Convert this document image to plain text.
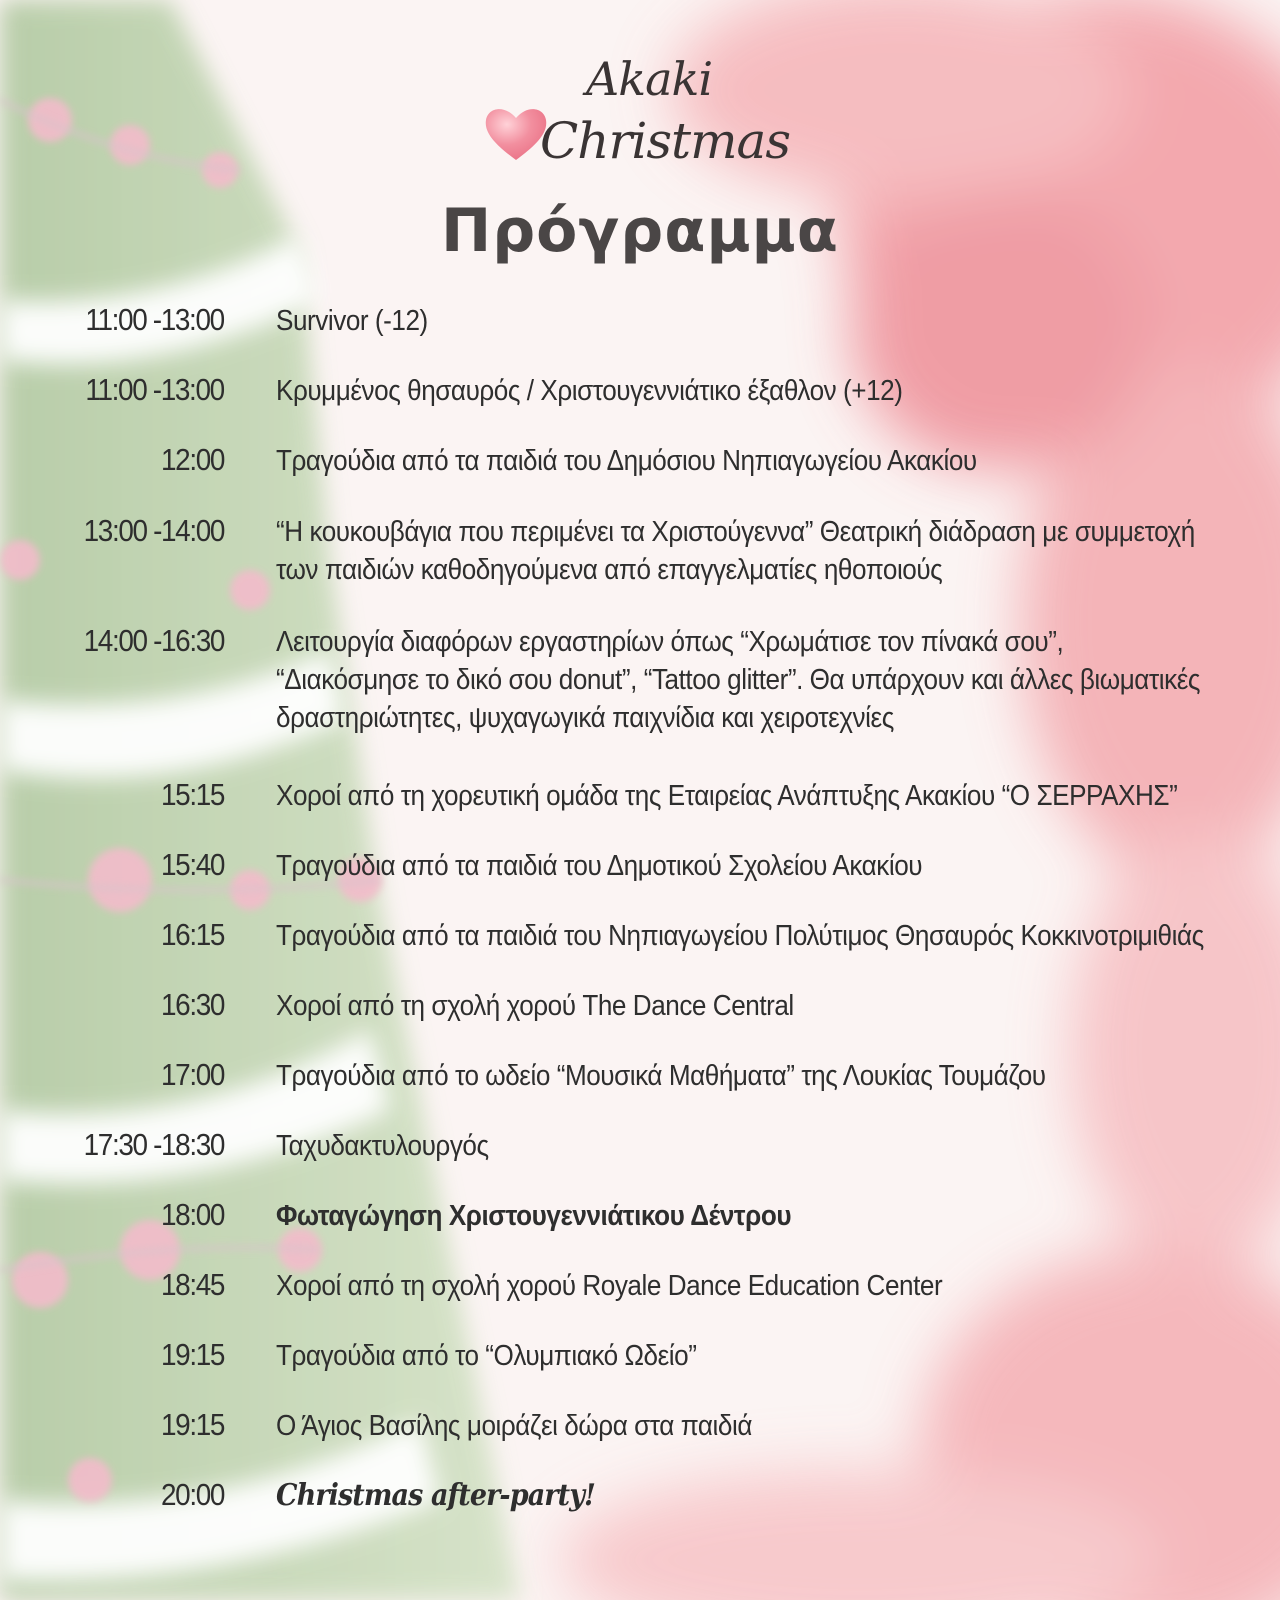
Akaki
Christmas
Πρόγραμμα
11:00 -13:00 Survivor (-12)
11:00 -13:00 Κρυμμένος θησαυρός / Χριστουγεννιάτικο έξαθλον (+12)
12:00 Τραγούδια από τα παιδιά του Δημόσιου Νηπιαγωγείου Ακακίου
13:00 -14:00 “Η κουκουβάγια που περιμένει τα Χριστούγεννα” Θεατρική διάδραση με συμμετοχή των παιδιών καθοδηγούμενα από επαγγελματίες ηθοποιούς
14:00 -16:30 Λειτουργία διαφόρων εργαστηρίων όπως “Χρωμάτισε τον πίνακά σου”, “Διακόσμησε το δικό σου donut”, “Tattoo glitter”. Θα υπάρχουν και άλλες βιωματικές δραστηριώτητες, ψυχαγωγικά παιχνίδια και χειροτεχνίες
15:15 Χοροί από τη χορευτική ομάδα της Εταιρείας Ανάπτυξης Ακακίου “Ο ΣΕΡΡΑΧΗΣ”
15:40 Τραγούδια από τα παιδιά του Δημοτικού Σχολείου Ακακίου
16:15 Τραγούδια από τα παιδιά του Νηπιαγωγείου Πολύτιμος Θησαυρός Κοκκινοτριμιθιάς
16:30 Χοροί από τη σχολή χορού The Dance Central
17:00 Τραγούδια από το ωδείο “Μουσικά Μαθήματα” της Λουκίας Τουμάζου
17:30 -18:30 Ταχυδακτυλουργός
18:00 Φωταγώγηση Χριστουγεννιάτικου Δέντρου
18:45 Χοροί από τη σχολή χορού Royale Dance Education Center
19:15 Τραγούδια από το “Ολυμπιακό Ωδείο”
19:15 Ο Άγιος Βασίλης μοιράζει δώρα στα παιδιά
20:00 Christmas after-party!
